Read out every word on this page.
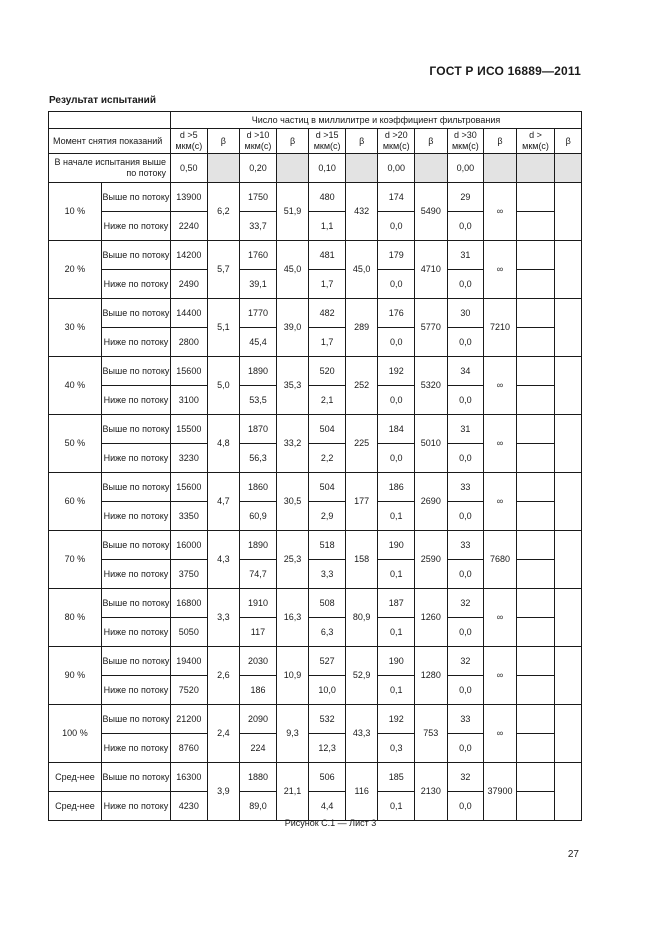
ГОСТ Р ИСО 16889—2011
Результат испытаний
		Число частиц в миллилитре и коэффициент фильтрования											
Момент снятия показаний		d >5 мкм(с)	β	d >10 мкм(с)	β	d >15 мкм(с)	β	d >20 мкм(с)	β	d >30 мкм(с)	β	d > мкм(с)	β
В начале испытания выше по потоку		0,50		0,20		0,10		0,00		0,00			
10 %	Выше по потоку	13900	6,2	1750	51,9	480	432	174	5490	29	∞		
	Ниже по потоку	2240		33,7		1,1		0,0		0,0			
20 %	Выше по потоку	14200	5,7	1760	45,0	481	45,0	179	4710	31	∞		
	Ниже по потоку	2490		39,1		1,7		0,0		0,0			
30 %	Выше по потоку	14400	5,1	1770	39,0	482	289	176	5770	30	7210		
	Ниже по потоку	2800		45,4		1,7		0,0		0,0			
40 %	Выше по потоку	15600	5,0	1890	35,3	520	252	192	5320	34	∞		
	Ниже по потоку	3100		53,5		2,1		0,0		0,0			
50 %	Выше по потоку	15500	4,8	1870	33,2	504	225	184	5010	31	∞		
	Ниже по потоку	3230		56,3		2,2		0,0		0,0			
60 %	Выше по потоку	15600	4,7	1860	30,5	504	177	186	2690	33	∞		
	Ниже по потоку	3350		60,9		2,9		0,1		0,0			
70 %	Выше по потоку	16000	4,3	1890	25,3	518	158	190	2590	33	7680		
	Ниже по потоку	3750		74,7		3,3		0,1		0,0			
80 %	Выше по потоку	16800	3,3	1910	16,3	508	80,9	187	1260	32	∞		
	Ниже по потоку	5050		117		6,3		0,1		0,0			
90 %	Выше по потоку	19400	2,6	2030	10,9	527	52,9	190	1280	32	∞		
	Ниже по потоку	7520		186		10,0		0,1		0,0			
100 %	Выше по потоку	21200	2,4	2090	9,3	532	43,3	192	753	33	∞		
	Ниже по потоку	8760		224		12,3		0,3		0,0			
Сред-нее	Выше по потоку	16300	3,9	1880	21,1	506	116	185	2130	32	37900		
Сред-нее	Ниже по потоку	4230		89,0		4,4		0,1		0,0			
Рисунок С.1 — Лист 3
27
